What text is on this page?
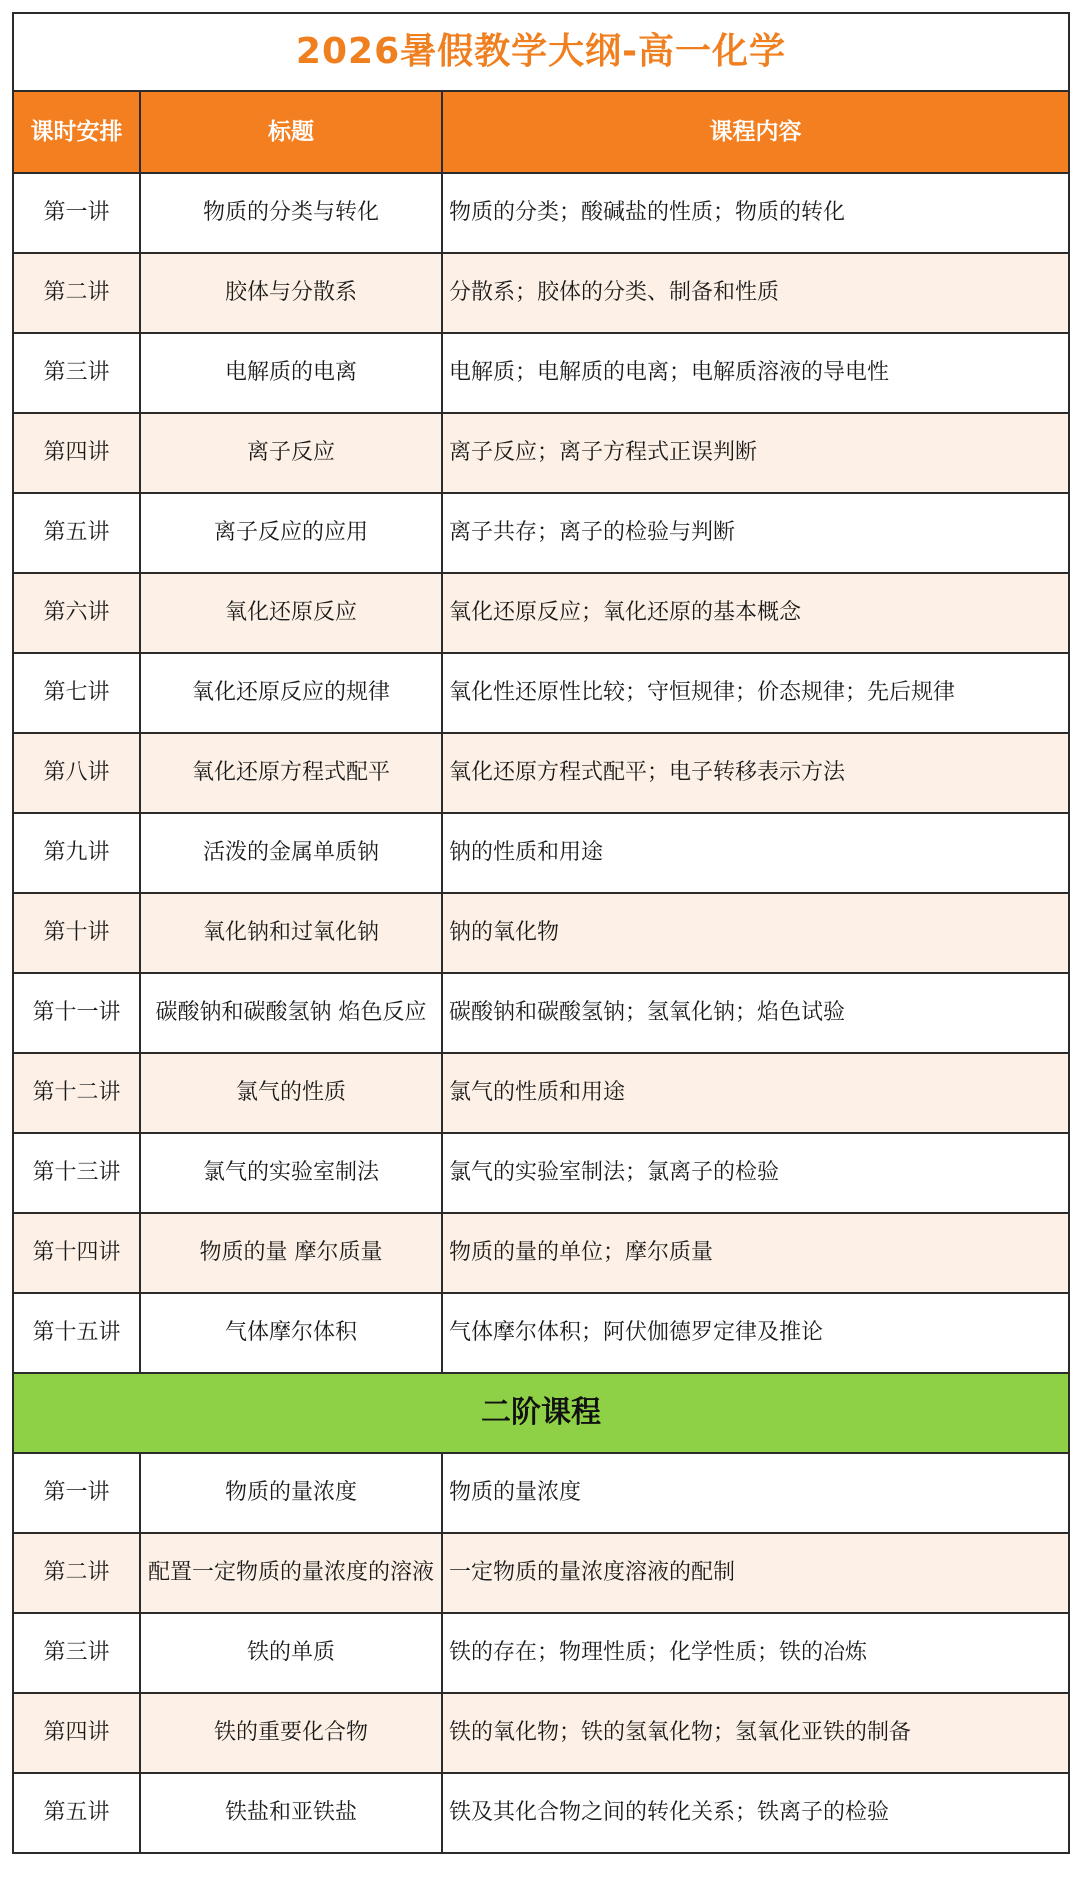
2026暑假教学大纲-高一化学		
课时安排	标题	课程内容
第一讲	物质的分类与转化	物质的分类；酸碱盐的性质；物质的转化
第二讲	胶体与分散系	分散系；胶体的分类、制备和性质
第三讲	电解质的电离	电解质；电解质的电离；电解质溶液的导电性
第四讲	离子反应	离子反应；离子方程式正误判断
第五讲	离子反应的应用	离子共存；离子的检验与判断
第六讲	氧化还原反应	氧化还原反应；氧化还原的基本概念
第七讲	氧化还原反应的规律	氧化性还原性比较；守恒规律；价态规律；先后规律
第八讲	氧化还原方程式配平	氧化还原方程式配平；电子转移表示方法
第九讲	活泼的金属单质钠	钠的性质和用途
第十讲	氧化钠和过氧化钠	钠的氧化物
第十一讲	碳酸钠和碳酸氢钠 焰色反应	碳酸钠和碳酸氢钠；氢氧化钠；焰色试验
第十二讲	氯气的性质	氯气的性质和用途
第十三讲	氯气的实验室制法	氯气的实验室制法；氯离子的检验
第十四讲	物质的量 摩尔质量	物质的量的单位；摩尔质量
第十五讲	气体摩尔体积	气体摩尔体积；阿伏伽德罗定律及推论
二阶课程		
第一讲	物质的量浓度	物质的量浓度
第二讲	配置一定物质的量浓度的溶液	一定物质的量浓度溶液的配制
第三讲	铁的单质	铁的存在；物理性质；化学性质；铁的冶炼
第四讲	铁的重要化合物	铁的氧化物；铁的氢氧化物；氢氧化亚铁的制备
第五讲	铁盐和亚铁盐	铁及其化合物之间的转化关系；铁离子的检验
